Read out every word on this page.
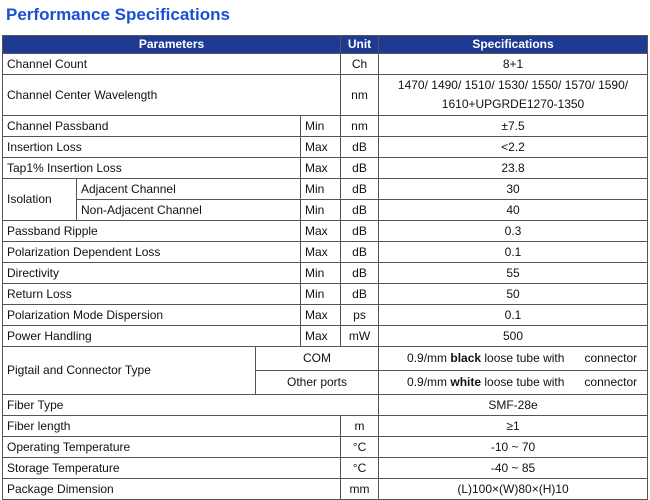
Performance Specifications
Parameters				Unit	Specifications
Channel Count				Ch	8+1
Channel Center Wavelength				nm	1470/ 1490/ 1510/ 1530/ 1550/ 1570/ 1590/
1610+UPGRDE1270-1350

Channel Passband			Min	nm	±7.5
Insertion Loss			Max	dB	<2.2
Tap1% Insertion Loss			Max	dB	23.8
Isolation	Adjacent Channel		Min	dB	30
	Non-Adjacent Channel		Min	dB	40
Passband Ripple			Max	dB	0.3
Polarization Dependent Loss			Max	dB	0.1
Directivity			Min	dB	55
Return Loss			Min	dB	50
Polarization Mode Dispersion			Max	ps	0.1
Power Handling			Max	mW	500
Pigtail and Connector Type		COM			0.9/mm black loose tube with connector
		Other ports			0.9/mm white loose tube with connector
Fiber Type					SMF-28e
Fiber length				m	≥1
Operating Temperature				°C	-10 ~ 70
Storage Temperature				°C	-40 ~ 85
Package Dimension				mm	(L)100×(W)80×(H)10
